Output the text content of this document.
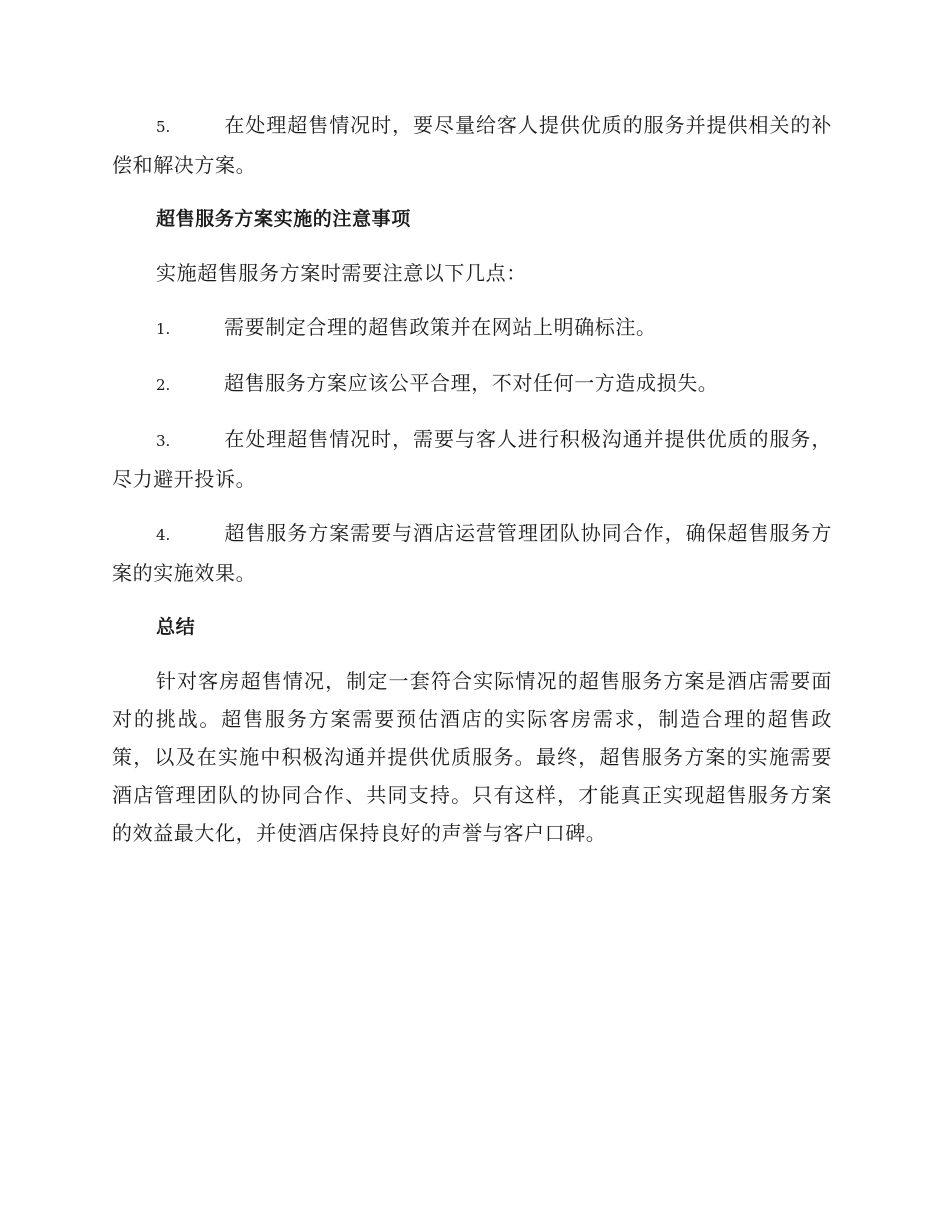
5.	在处理超售情况时，要尽量给客人提供优质的服务并提供相关的补偿和解决方案。

超售服务方案实施的注意事项

实施超售服务方案时需要注意以下几点：

1.	需要制定合理的超售政策并在网站上明确标注。

2.	超售服务方案应该公平合理，不对任何一方造成损失。

3.	在处理超售情况时，需要与客人进行积极沟通并提供优质的服务，尽力避开投诉。

4.	超售服务方案需要与酒店运营管理团队协同合作，确保超售服务方案的实施效果。

总结

针对客房超售情况，制定一套符合实际情况的超售服务方案是酒店需要面对的挑战。超售服务方案需要预估酒店的实际客房需求，制造合理的超售政策，以及在实施中积极沟通并提供优质服务。最终，超售服务方案的实施需要酒店管理团队的协同合作、共同支持。只有这样，才能真正实现超售服务方案的效益最大化，并使酒店保持良好的声誉与客户口碑。
